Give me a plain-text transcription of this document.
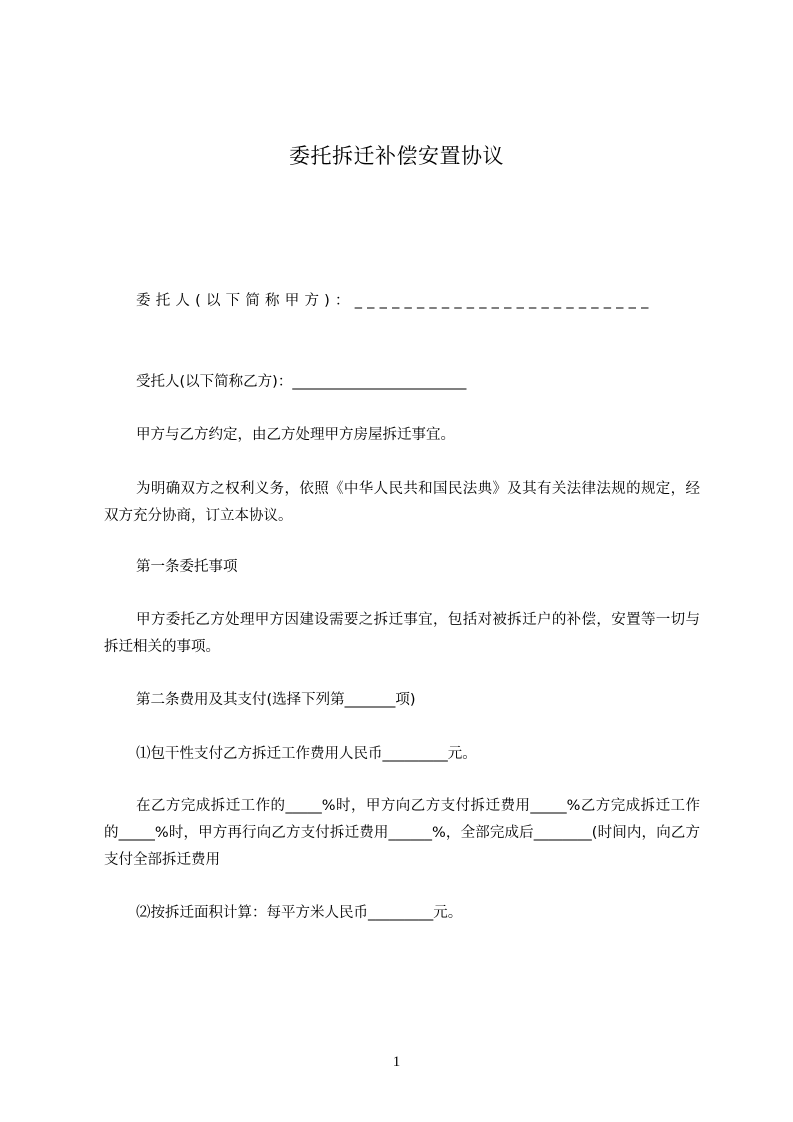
委托拆迁补偿安置协议

委托人(以下简称甲方)：________________________

受托人(以下简称乙方)：________________________

甲方与乙方约定，由乙方处理甲方房屋拆迁事宜。

为明确双方之权利义务，依照《中华人民共和国民法典》及其有关法律法规的规定，经双方充分协商，订立本协议。

第一条委托事项

甲方委托乙方处理甲方因建设需要之拆迁事宜，包括对被拆迁户的补偿，安置等一切与拆迁相关的事项。

第二条费用及其支付(选择下列第_______项)

⑴包干性支付乙方拆迁工作费用人民币_________元。

在乙方完成拆迁工作的_____%时，甲方向乙方支付拆迁费用_____%乙方完成拆迁工作的_____%时，甲方再行向乙方支付拆迁费用______%，全部完成后________(时间内，向乙方支付全部拆迁费用

⑵按拆迁面积计算：每平方米人民币_________元。

1
